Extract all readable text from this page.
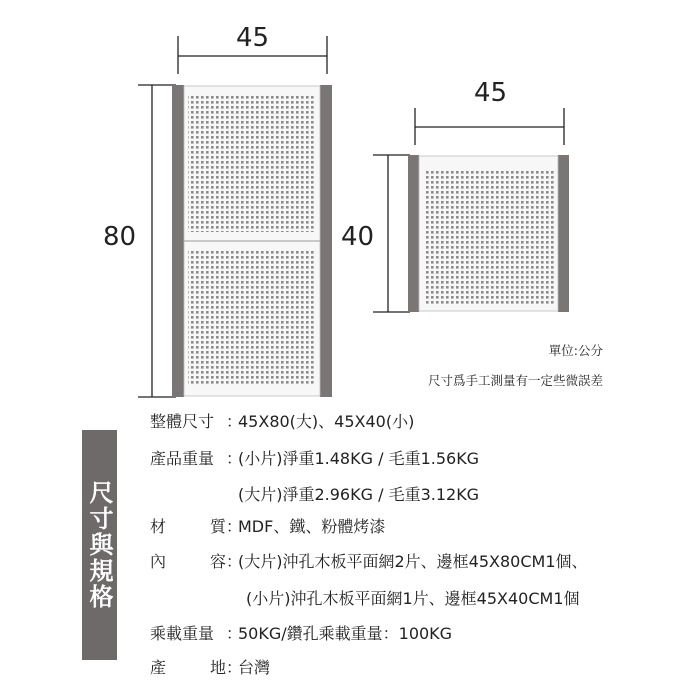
45
80
45
40
單位:公分
尺寸爲手工測量有一定些微誤差
尺寸與規格
整體尺寸 ：45X80(大)、45X40(小)
產品重量 ：(小片)淨重1.48KG / 毛重1.56KG
(大片)淨重2.96KG / 毛重3.12KG
材	質 ：MDF、鐵、粉體烤漆
內	容 ：(大片)沖孔木板平面網2片、邊框45X80CM1個、
(小片)沖孔木板平面網1片、邊框45X40CM1個
乘載重量 ：50KG/鑽孔乘載重量：100KG
產	地 ：台灣
